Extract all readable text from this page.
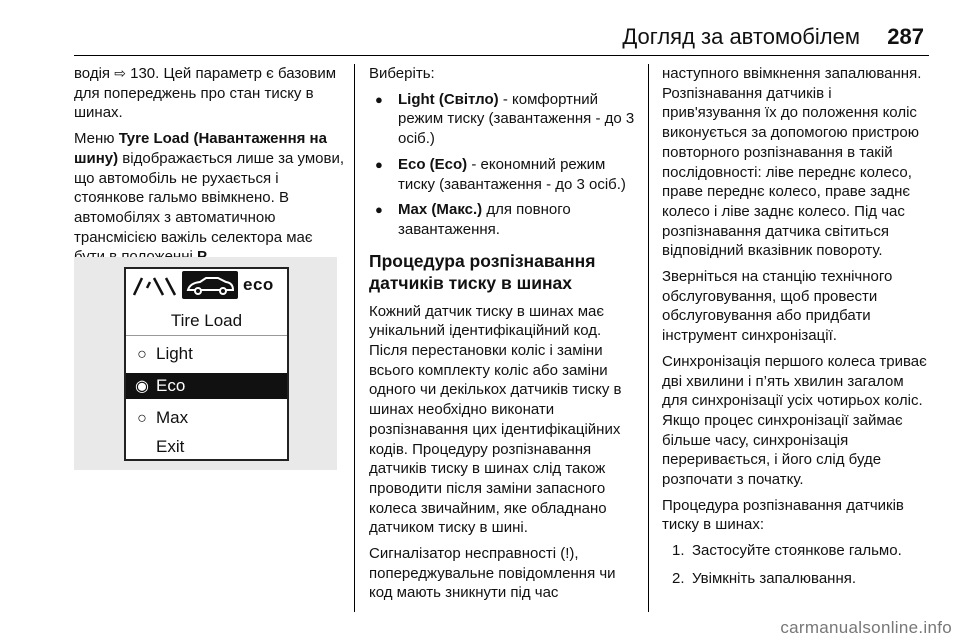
Догляд за автомобілем 287

водія ⇨ 130. Цей параметр є базовим для попереджень про стан тиску в шинах.

Меню Tyre Load (Навантаження на шину) відображається лише за умови, що автомобіль не рухається і стоянкове гальмо ввімкнено. В автомобілях з автоматичною трансмісією важіль селектора має

eco
Tire Load
○ Light
◉ Eco
○ Max
Exit

Виберіть:

● Light (Світло) - комфортний режим тиску (завантаження - до 3 осіб.)
● Eco (Eco) - економний режим тиску (завантаження - до 3 осіб.)
● Max (Макс.) для повного завантаження.
Процедура розпізнавання датчиків тиску в шинах

Кожний датчик тиску в шинах має унікальний ідентифікаційний код. Після перестановки коліс і заміни всього комплекту коліс або заміни одного чи декількох датчиків тиску в шинах необхідно виконати розпізнавання цих ідентифікаційних кодів. Процедуру розпізнавання датчиків тиску в шинах слід також проводити після заміни запасного колеса звичайним, яке обладнано датчиком тиску в шині.

Сигналізатор несправності (!), попереджувальне повідомлення чи код мають зникнути під час

наступного ввімкнення запалювання. Розпізнавання датчиків і прив'язування їх до положення коліс виконується за допомогою пристрою повторного розпізнавання в такій послідовності: ліве переднє колесо, праве переднє колесо, праве заднє колесо і ліве заднє колесо. Під час розпізнавання датчика світиться відповідний вказівник повороту.

Зверніться на станцію технічного обслуговування, щоб провести обслуговування або придбати інструмент синхронізації.

Синхронізація першого колеса триває дві хвилини і п’ять хвилин загалом для синхронізації усіх чотирьох коліс. Якщо процес синхронізації займає більше часу, синхронізація переривається, і його слід буде розпочати з початку.

Процедура розпізнавання датчиків тиску в шинах:

1. Застосуйте стоянкове гальмо.
2. Увімкніть запалювання.
carmanualsonline.info
